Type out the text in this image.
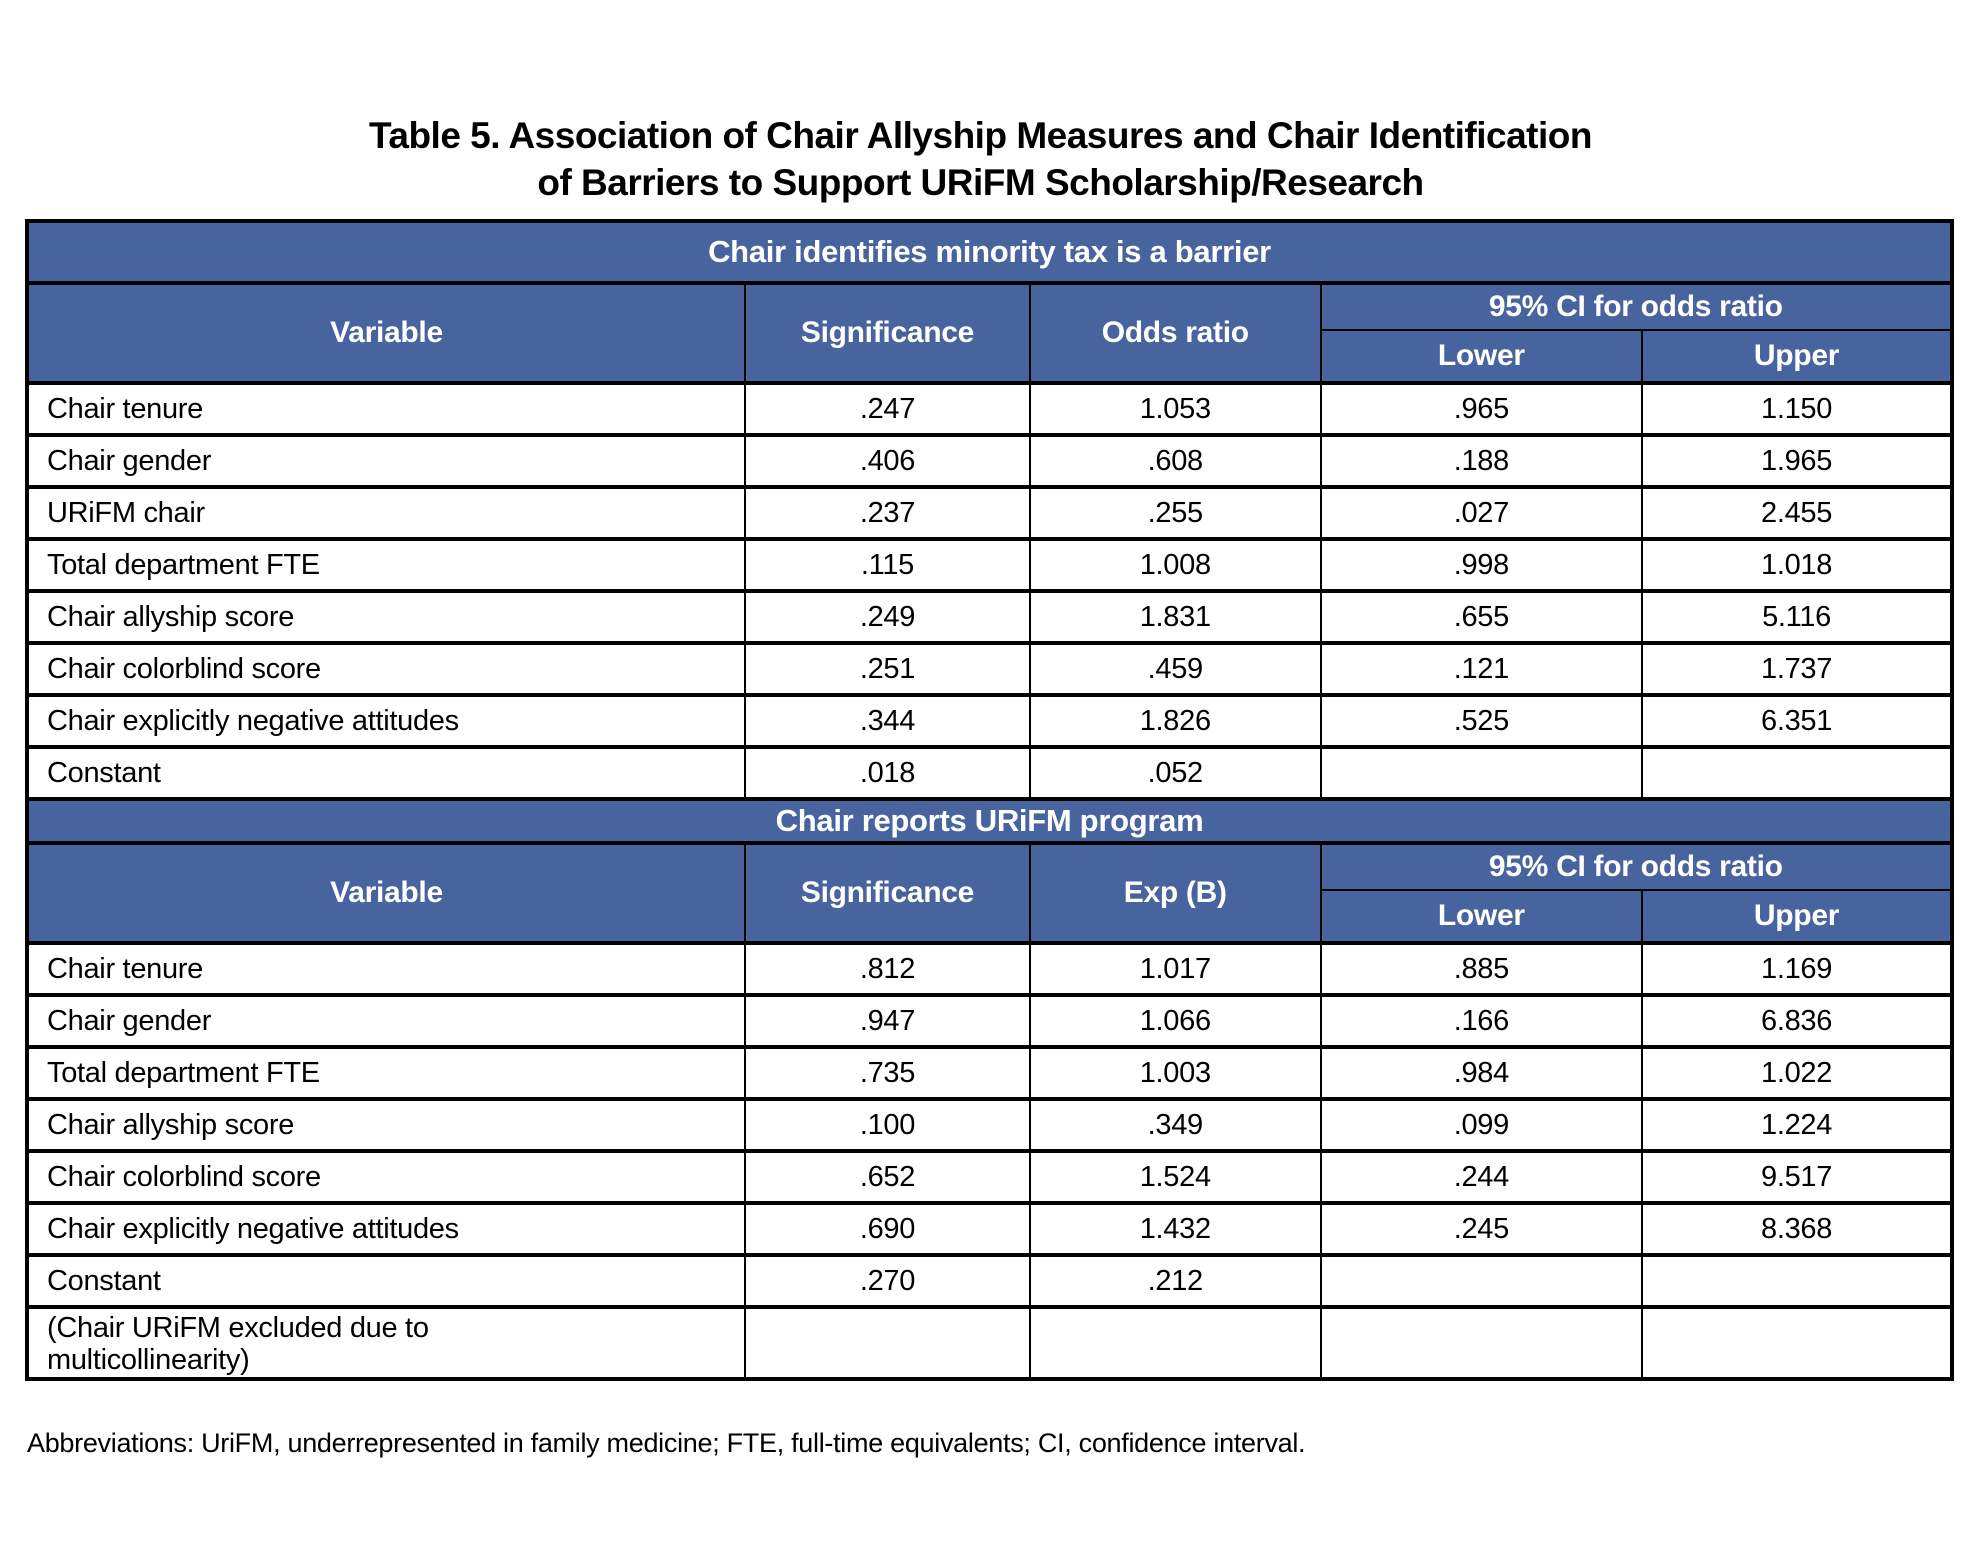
Table 5. Association of Chair Allyship Measures and Chair Identification
of Barriers to Support URiFM Scholarship/Research
Chair identifies minority tax is a barrier				
Variable	Significance	Odds ratio	95% CI for odds ratio	
			Lower	Upper
Chair tenure	.247	1.053	.965	1.150
Chair gender	.406	.608	.188	1.965
URiFM chair	.237	.255	.027	2.455
Total department FTE	.115	1.008	.998	1.018
Chair allyship score	.249	1.831	.655	5.116
Chair colorblind score	.251	.459	.121	1.737
Chair explicitly negative attitudes	.344	1.826	.525	6.351
Constant	.018	.052		
Chair reports URiFM program				
Variable	Significance	Exp (B)	95% CI for odds ratio	
			Lower	Upper
Chair tenure	.812	1.017	.885	1.169
Chair gender	.947	1.066	.166	6.836
Total department FTE	.735	1.003	.984	1.022
Chair allyship score	.100	.349	.099	1.224
Chair colorblind score	.652	1.524	.244	9.517
Chair explicitly negative attitudes	.690	1.432	.245	8.368
Constant	.270	.212		

(Chair URiFM excluded due to
multicollinearity)				

Abbreviations: UriFM, underrepresented in family medicine; FTE, full-time equivalents; CI, confidence interval.
